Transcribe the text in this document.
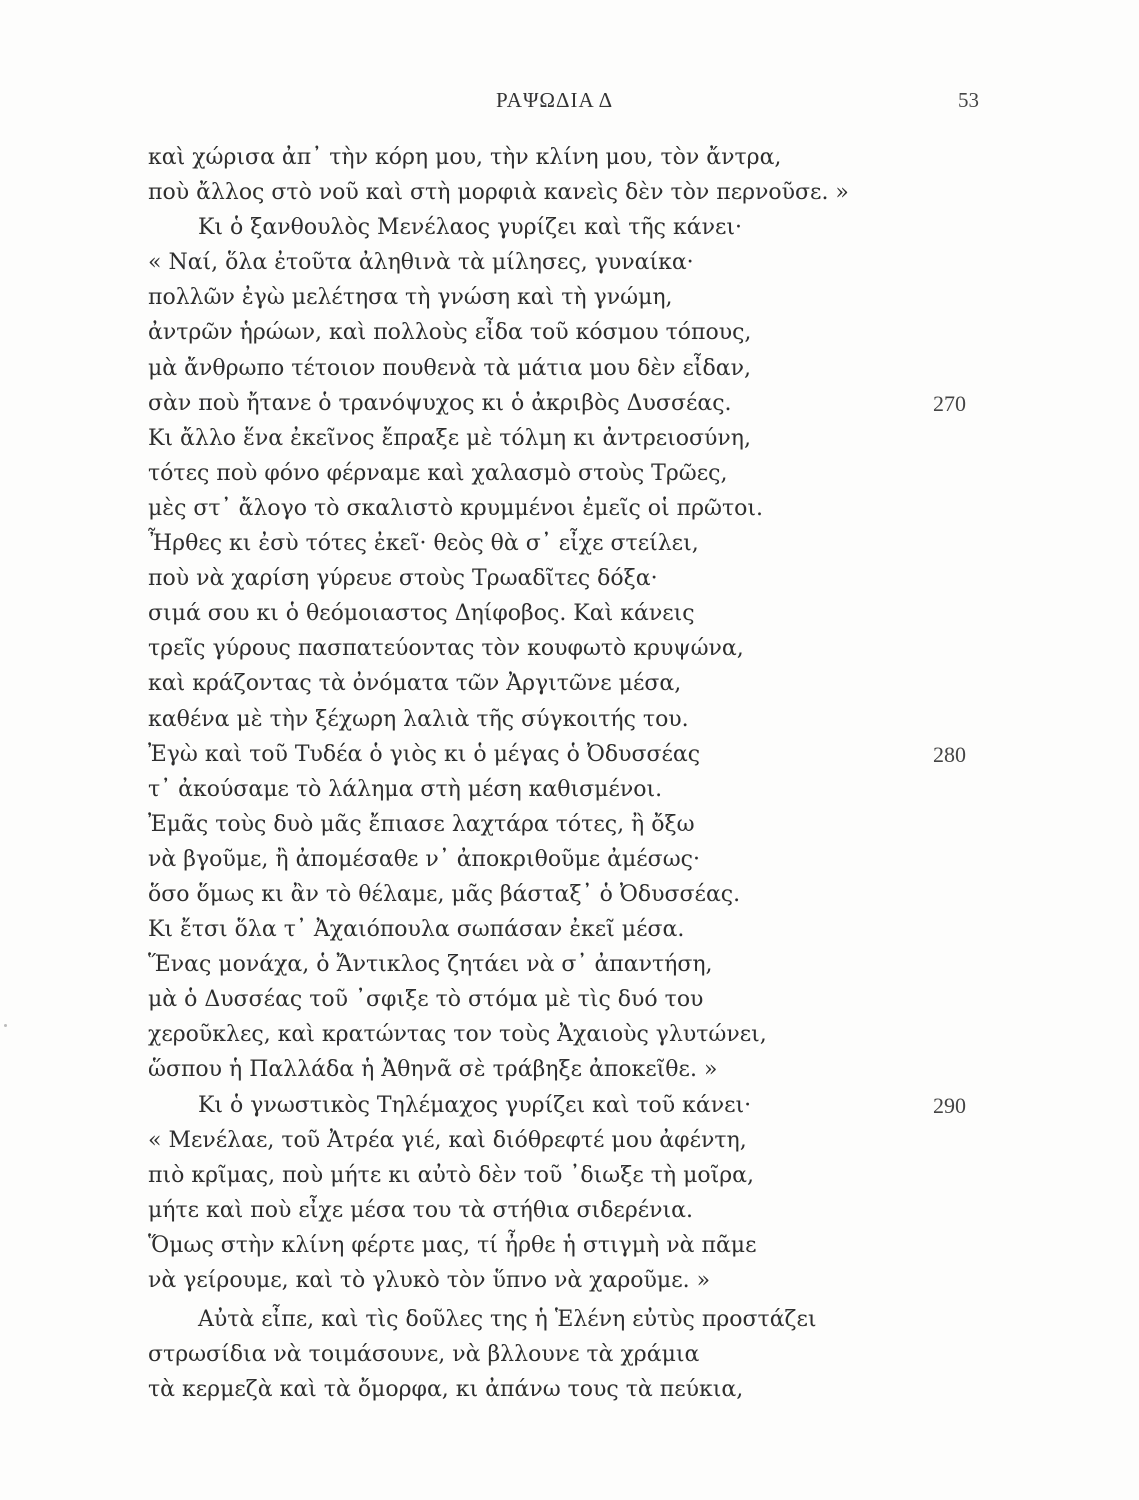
ΡΑΨΩΔΙΑ Δ	53
καὶ χώρισα ἀπ᾽ τὴν κόρη μου, τὴν κλίνη μου, τὸν ἄντρα,
ποὺ ἄλλος στὸ νοῦ καὶ στὴ μορφιὰ κανεὶς δὲν τὸν περνοῦσε. »
Κι ὁ ξανθουλὸς Μενέλαος γυρίζει καὶ τῆς κάνει·
« Ναί, ὅλα ἐτοῦτα ἀληθινὰ τὰ μίλησες, γυναίκα·
πολλῶν ἐγὼ μελέτησα τὴ γνώση καὶ τὴ γνώμη,
ἀντρῶν ἡρώων, καὶ πολλοὺς εἶδα τοῦ κόσμου τόπους,
μὰ ἄνθρωπο τέτοιον πουθενὰ τὰ μάτια μου δὲν εἶδαν,
σὰν ποὺ ἤτανε ὁ τρανόψυχος κι ὁ ἀκριβὸς Δυσσέας.	270
Κι ἄλλο ἕνα ἐκεῖνος ἔπραξε μὲ τόλμη κι ἀντρειοσύνη,
τότες ποὺ φόνο φέρναμε καὶ χαλασμὸ στοὺς Τρῶες,
μὲς στ᾽ ἄλογο τὸ σκαλιστὸ κρυμμένοι ἐμεῖς οἱ πρῶτοι.
Ἦρθες κι ἐσὺ τότες ἐκεῖ· θεὸς θὰ σ᾽ εἶχε στείλει,
ποὺ νὰ χαρίση γύρευε στοὺς Τρωαδῖτες δόξα·
σιμά σου κι ὁ θεόμοιαστος Δηίφοβος. Καὶ κάνεις
τρεῖς γύρους πασπατεύοντας τὸν κουφωτὸ κρυψώνα,
καὶ κράζοντας τὰ ὀνόματα τῶν Ἀργιτῶνε μέσα,
καθένα μὲ τὴν ξέχωρη λαλιὰ τῆς σύγκοιτής του.
Ἐγὼ καὶ τοῦ Τυδέα ὁ γιὸς κι ὁ μέγας ὁ Ὀδυσσέας	280
τ᾽ ἀκούσαμε τὸ λάλημα στὴ μέση καθισμένοι.
Ἐμᾶς τοὺς δυὸ μᾶς ἔπιασε λαχτάρα τότες, ἢ ὄξω
νὰ βγοῦμε, ἢ ἀπομέσαθε ν᾽ ἀποκριθοῦμε ἀμέσως·
ὅσο ὅμως κι ἂν τὸ θέλαμε, μᾶς βάσταξ᾽ ὁ Ὀδυσσέας.
Κι ἔτσι ὅλα τ᾽ Ἀχαιόπουλα σωπάσαν ἐκεῖ μέσα.
Ἕνας μονάχα, ὁ Ἄντικλος ζητάει νὰ σ᾽ ἀπαντήση,
μὰ ὁ Δυσσέας τοῦ ᾽σφιξε τὸ στόμα μὲ τὶς δυό του
χεροῦκλες, καὶ κρατώντας τον τοὺς Ἀχαιοὺς γλυτώνει,
ὥσπου ἡ Παλλάδα ἡ Ἀθηνᾶ σὲ τράβηξε ἀποκεῖθε. »
Κι ὁ γνωστικὸς Τηλέμαχος γυρίζει καὶ τοῦ κάνει·	290
« Μενέλαε, τοῦ Ἀτρέα γιέ, καὶ διόθρεφτέ μου ἀφέντη,
πιὸ κρῖμας, ποὺ μήτε κι αὐτὸ δὲν τοῦ ᾽διωξε τὴ μοῖρα,
μήτε καὶ ποὺ εἶχε μέσα του τὰ στήθια σιδερένια.
Ὅμως στὴν κλίνη φέρτε μας, τί ἦρθε ἡ στιγμὴ νὰ πᾶμε
νὰ γείρουμε, καὶ τὸ γλυκὸ τὸν ὕπνο νὰ χαροῦμε. »
Αὐτὰ εἶπε, καὶ τὶς δοῦλες της ἡ Ἑλένη εὐτὺς προστάζει
στρωσίδια νὰ τοιμάσουνε, νὰ βλλουνε τὰ χράμια
τὰ κερμεζὰ καὶ τὰ ὄμορφα, κι ἀπάνω τους τὰ πεύκια,
